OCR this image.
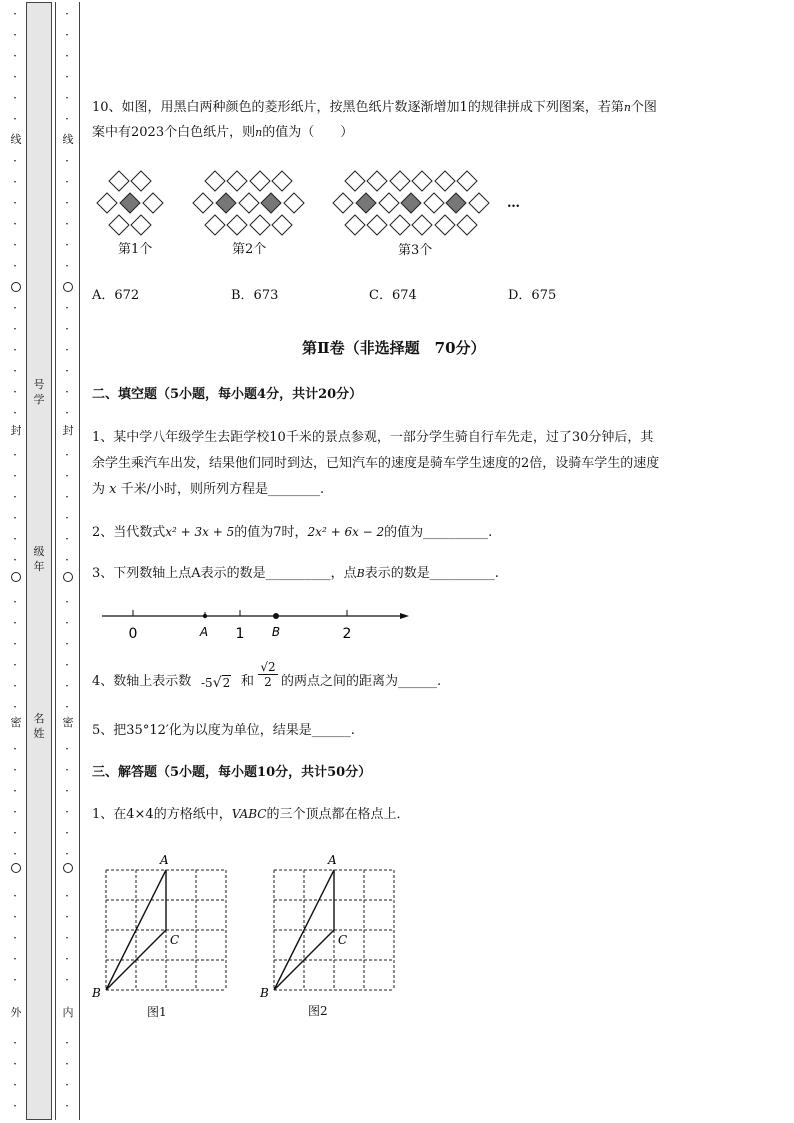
线
封
密
外
线
封
密
内
号
学
级
年
名
姓
·
·
·
·
·
·
·
·
·
·
·
·
·
·
·
·
·
·
·
·
·
·
·
·
·
·
·
·
·
·
·
·
·
·
·
·
·
·
·
·
·
·
·
·
·
·
·
·
·
·
·
·
·
·
·
·
·
·
·
·
·
·
·
·
·
·
·
·
·
·
·
·
·
·
·
·
·
·
·
·
·
·
·
·
·
·
·
·
·
·
10、如图，用黑白两种颜色的菱形纸片，按黑色纸片数逐渐增加1的规律拼成下列图案，若第n个图
案中有2023个白色纸片，则n的值为（　　）
第1个	第2个	第3个
…
A．672	B．673	C．674	D．675
第Ⅱ卷（非选择题　70分）
二、填空题（5小题，每小题4分，共计20分）
1、某中学八年级学生去距学校10千米的景点参观，一部分学生骑自行车先走，过了30分钟后，其
余学生乘汽车出发，结果他们同时到达，已知汽车的速度是骑车学生速度的2倍，设骑车学生的速度
为 x 千米/小时，则所列方程是________.
2、当代数式x² + 3x + 5的值为7时，2x² + 6x − 2的值为__________.
3、下列数轴上点A表示的数是__________，点B表示的数是__________.
0	A 1 B	2
4、数轴上表示数 -5√2 和 $\frac{√2}{2}$ 的两点之间的距离为______.
5、把35°12′化为以度为单位，结果是______.
三、解答题（5小题，每小题10分，共计50分）
1、在4×4的方格纸中，VABC的三个顶点都在格点上．
A
B
C
图1
A
B
C
图2
